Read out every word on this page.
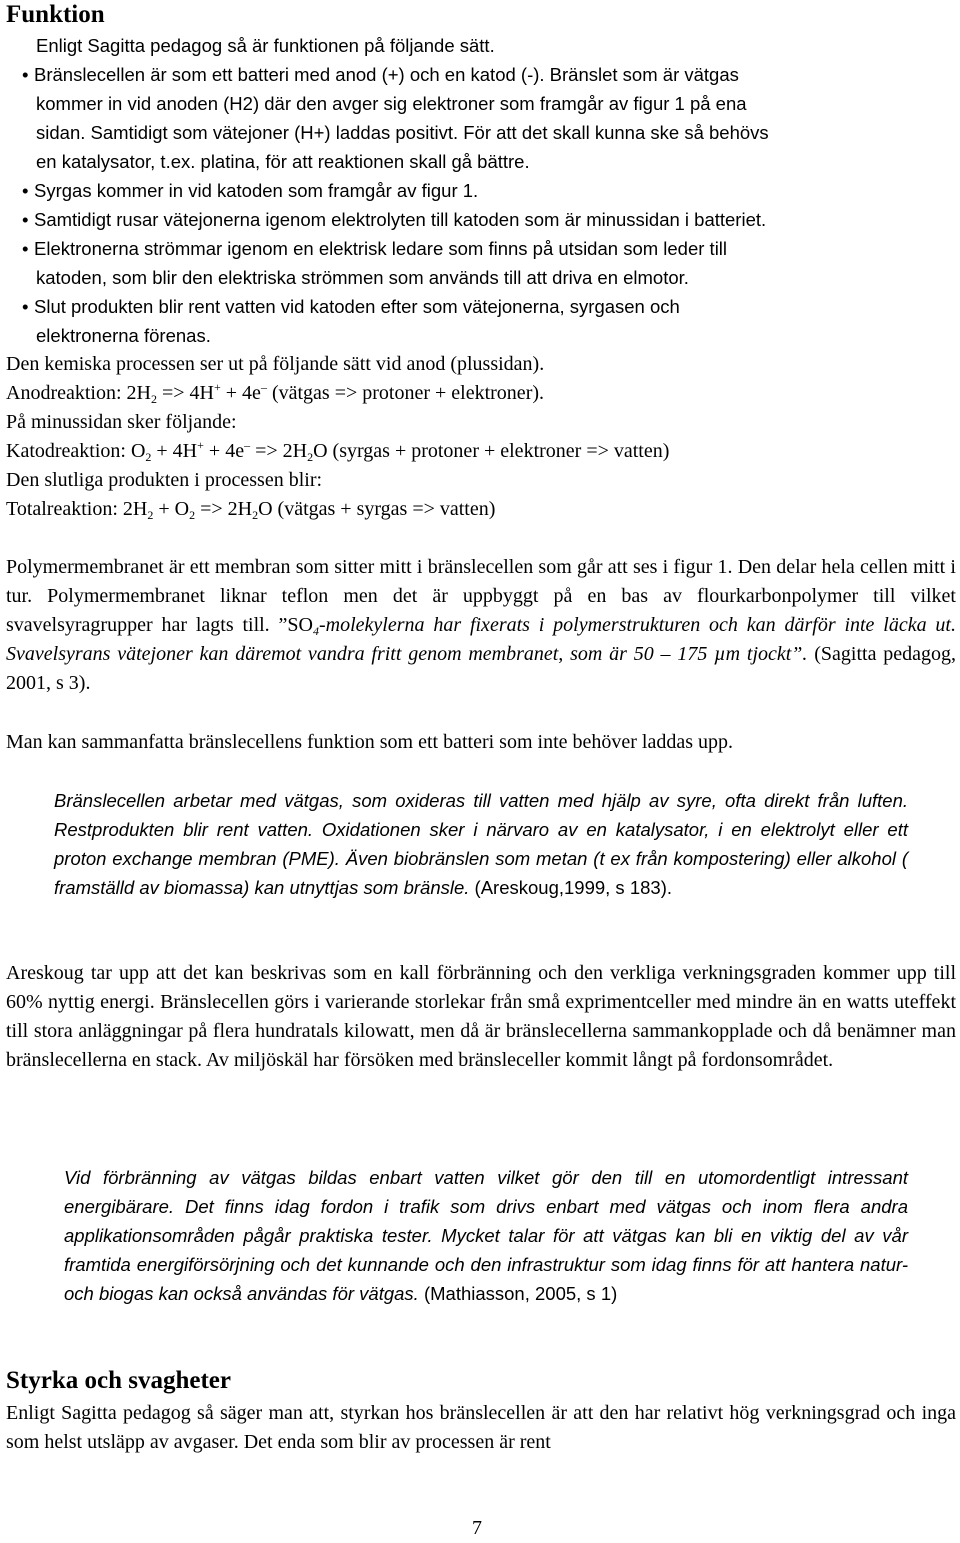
Funktion
Enligt Sagitta pedagog så är funktionen på följande sätt.
• Bränslecellen är som ett batteri med anod (+) och en katod (-). Bränslet som är vätgas
kommer in vid anoden (H2) där den avger sig elektroner som framgår av figur 1 på ena
sidan. Samtidigt som vätejoner (H+) laddas positivt. För att det skall kunna ske så behövs
en katalysator, t.ex. platina, för att reaktionen skall gå bättre.
• Syrgas kommer in vid katoden som framgår av figur 1.
• Samtidigt rusar vätejonerna igenom elektrolyten till katoden som är minussidan i batteriet.
• Elektronerna strömmar igenom en elektrisk ledare som finns på utsidan som leder till
katoden, som blir den elektriska strömmen som används till att driva en elmotor.
• Slut produkten blir rent vatten vid katoden efter som vätejonerna, syrgasen och
elektronerna förenas.
Den kemiska processen ser ut på följande sätt vid anod (plussidan).
Anodreaktion: $2H_2 => 4H^+ + 4e^-$ (vätgas => protoner + elektroner).
På minussidan sker följande:
Katodreaktion: $O_2 + 4H^+ + 4e^- => 2H_2O$ (syrgas + protoner + elektroner => vatten)
Den slutliga produkten i processen blir:
Totalreaktion: $2H_2 + O_2 => 2H_2O$ (vätgas + syrgas => vatten)
Polymermembranet är ett membran som sitter mitt i bränslecellen som går att ses i figur 1. Den delar hela cellen mitt i tur. Polymermembranet liknar teflon men det är uppbyggt på en bas av flourkarbonpolymer till vilket svavelsyragrupper har lagts till. $”SO_4$-molekylerna har fixerats i polymerstrukturen och kan därför inte läcka ut. Svavelsyrans vätejoner kan däremot vandra fritt genom membranet, som är 50 – 175 µm tjockt”. (Sagitta pedagog, 2001, s 3).
Man kan sammanfatta bränslecellens funktion som ett batteri som inte behöver laddas upp.
Bränslecellen arbetar med vätgas, som oxideras till vatten med hjälp av syre, ofta direkt från luften. Restprodukten blir rent vatten. Oxidationen sker i närvaro av en katalysator, i en elektrolyt eller ett proton exchange membran (PME). Även biobränslen som metan (t ex från kompostering) eller alkohol ( framställd av biomassa) kan utnyttjas som bränsle. (Areskoug,1999, s 183).
Areskoug tar upp att det kan beskrivas som en kall förbränning och den verkliga verkningsgraden kommer upp till 60% nyttig energi. Bränslecellen görs i varierande storlekar från små exprimentceller med mindre än en watts uteffekt till stora anläggningar på flera hundratals kilowatt, men då är bränslecellerna sammankopplade och då benämner man bränslecellerna en stack. Av miljöskäl har försöken med bränsleceller kommit långt på fordonsområdet.
Vid förbränning av vätgas bildas enbart vatten vilket gör den till en utomordentligt intressant energibärare. Det finns idag fordon i trafik som drivs enbart med vätgas och inom flera andra applikationsområden pågår praktiska tester. Mycket talar för att vätgas kan bli en viktig del av vår framtida energiförsörjning och det kunnande och den infrastruktur som idag finns för att hantera natur- och biogas kan också användas för vätgas. (Mathiasson, 2005, s 1)
Styrka och svagheter
Enligt Sagitta pedagog så säger man att, styrkan hos bränslecellen är att den har relativt hög verkningsgrad och inga som helst utsläpp av avgaser. Det enda som blir av processen är rent
7
